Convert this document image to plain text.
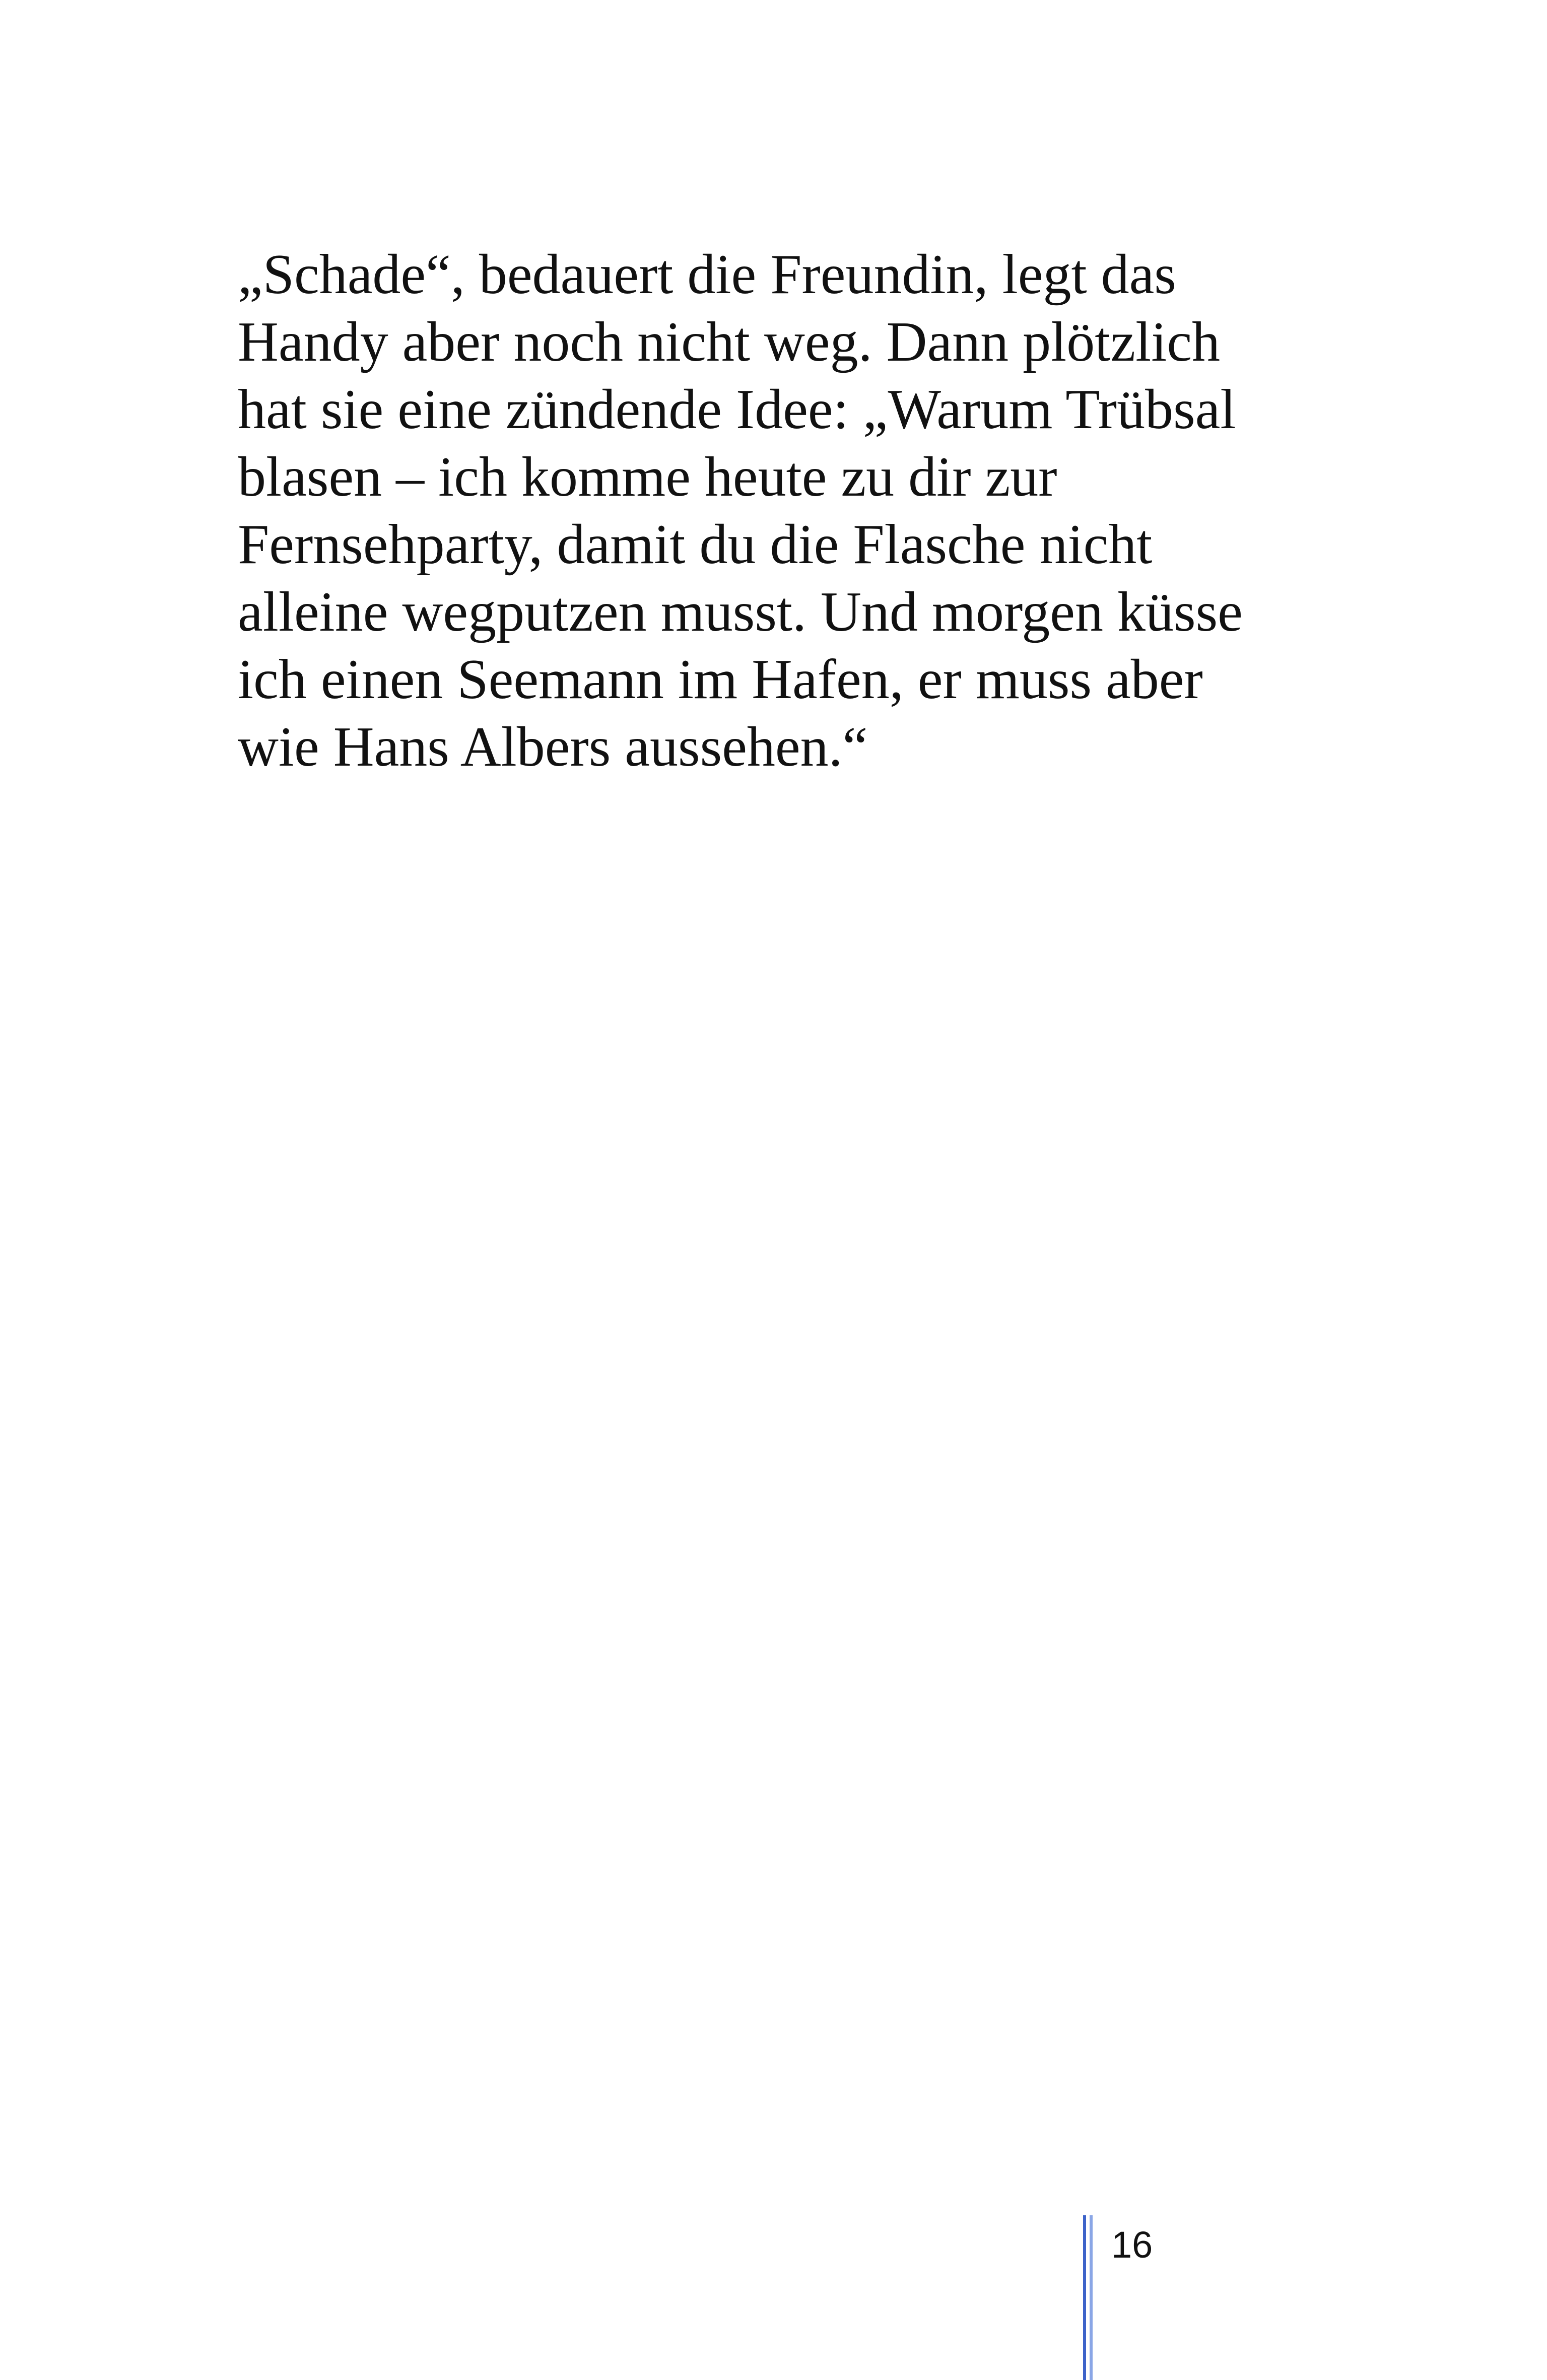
„Schade“, bedauert die Freundin, legt das
Handy aber noch nicht weg. Dann plötzlich
hat sie eine zündende Idee: „Warum Trübsal
blasen – ich komme heute zu dir zur
Fernsehparty, damit du die Flasche nicht
alleine wegputzen musst. Und morgen küsse
ich einen Seemann im Hafen, er muss aber
wie Hans Albers aussehen.“

16
